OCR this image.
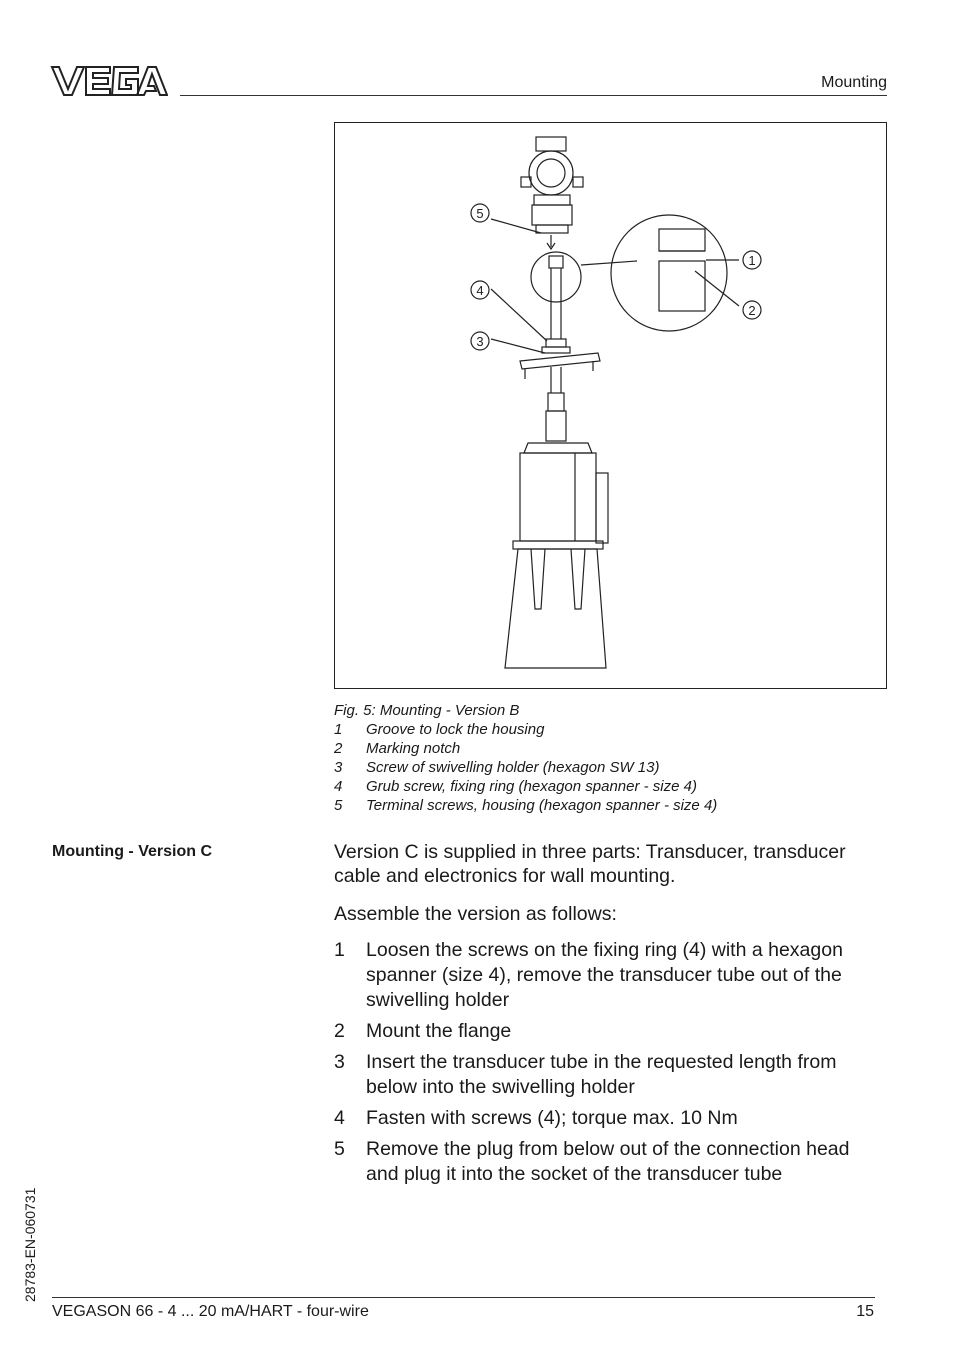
Mounting
1
2
3
4
5
Fig. 5: Mounting - Version B
1	Groove to lock the housing
2	Marking notch
3	Screw of swivelling holder (hexagon SW 13)
4	Grub screw, fixing ring (hexagon spanner - size 4)
5	Terminal screws, housing (hexagon spanner - size 4)
Mounting - Version C	Version C is supplied in three parts: Transducer, transducer cable and electronics for wall mounting.

Assemble the version as follows:

1	Loosen the screws on the fixing ring (4) with a hexagon spanner (size 4), remove the transducer tube out of the swivelling holder
2	Mount the flange
3	Insert the transducer tube in the requested length from below into the swivelling holder
4	Fasten with screws (4); torque max. 10 Nm
5	Remove the plug from below out of the connection head and plug it into the socket of the transducer tube
28783-EN-060731
VEGASON 66 - 4 ... 20 mA/HART - four-wire	15
